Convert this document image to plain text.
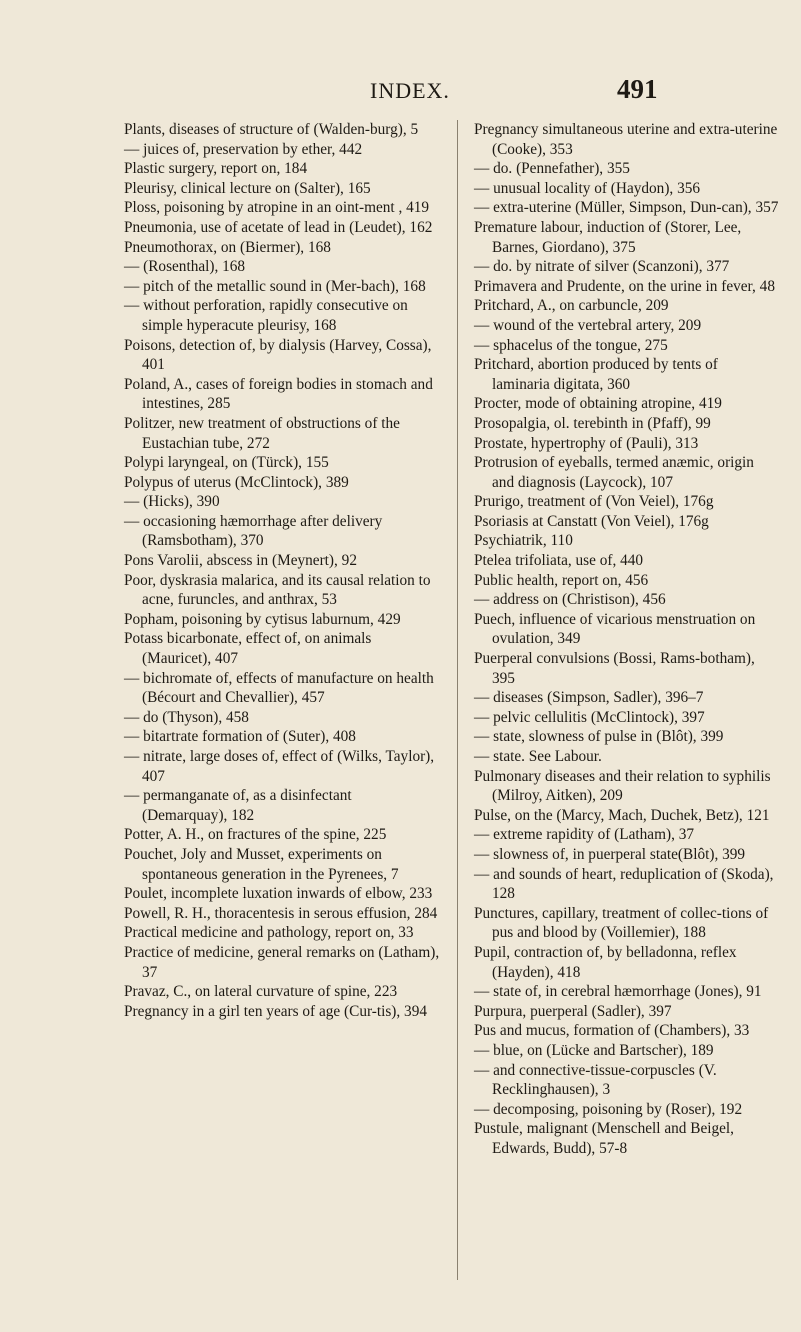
INDEX.	491
Plants, diseases of structure of (Walden-burg), 5
— juices of, preservation by ether, 442
Plastic surgery, report on, 184
Pleurisy, clinical lecture on (Salter), 165
Ploss, poisoning by atropine in an oint-ment , 419
Pneumonia, use of acetate of lead in (Leudet), 162
Pneumothorax, on (Biermer), 168
— (Rosenthal), 168
— pitch of the metallic sound in (Mer-bach), 168
— without perforation, rapidly consecutive on simple hyperacute pleurisy, 168
Poisons, detection of, by dialysis (Harvey, Cossa), 401
Poland, A., cases of foreign bodies in stomach and intestines, 285
Politzer, new treatment of obstructions of the Eustachian tube, 272
Polypi laryngeal, on (Türck), 155
Polypus of uterus (McClintock), 389
— (Hicks), 390
— occasioning hæmorrhage after delivery (Ramsbotham), 370
Pons Varolii, abscess in (Meynert), 92
Poor, dyskrasia malarica, and its causal relation to acne, furuncles, and anthrax, 53
Popham, poisoning by cytisus laburnum, 429
Potass bicarbonate, effect of, on animals (Mauricet), 407
— bichromate of, effects of manufacture on health (Bécourt and Chevallier), 457
— do (Thyson), 458
— bitartrate formation of (Suter), 408
— nitrate, large doses of, effect of (Wilks, Taylor), 407
— permanganate of, as a disinfectant (Demarquay), 182
Potter, A. H., on fractures of the spine, 225
Pouchet, Joly and Musset, experiments on spontaneous generation in the Pyrenees, 7
Poulet, incomplete luxation inwards of elbow, 233
Powell, R. H., thoracentesis in serous effusion, 284
Practical medicine and pathology, report on, 33
Practice of medicine, general remarks on (Latham), 37
Pravaz, C., on lateral curvature of spine, 223
Pregnancy in a girl ten years of age (Cur-tis), 394
Pregnancy simultaneous uterine and extra-uterine (Cooke), 353
— do. (Pennefather), 355
— unusual locality of (Haydon), 356
— extra-uterine (Müller, Simpson, Dun-can), 357
Premature labour, induction of (Storer, Lee, Barnes, Giordano), 375
— do. by nitrate of silver (Scanzoni), 377
Primavera and Prudente, on the urine in fever, 48
Pritchard, A., on carbuncle, 209
— wound of the vertebral artery, 209
— sphacelus of the tongue, 275
Pritchard, abortion produced by tents of laminaria digitata, 360
Procter, mode of obtaining atropine, 419
Prosopalgia, ol. terebinth in (Pfaff), 99
Prostate, hypertrophy of (Pauli), 313
Protrusion of eyeballs, termed anæmic, origin and diagnosis (Laycock), 107
Prurigo, treatment of (Von Veiel), 176g
Psoriasis at Canstatt (Von Veiel), 176g
Psychiatrik, 110
Ptelea trifoliata, use of, 440
Public health, report on, 456
— address on (Christison), 456
Puech, influence of vicarious menstruation on ovulation, 349
Puerperal convulsions (Bossi, Rams-botham), 395
— diseases (Simpson, Sadler), 396–7
— pelvic cellulitis (McClintock), 397
— state, slowness of pulse in (Blôt), 399
— state. See Labour.
Pulmonary diseases and their relation to syphilis (Milroy, Aitken), 209
Pulse, on the (Marcy, Mach, Duchek, Betz), 121
— extreme rapidity of (Latham), 37
— slowness of, in puerperal state(Blôt), 399
— and sounds of heart, reduplication of (Skoda), 128
Punctures, capillary, treatment of collec-tions of pus and blood by (Voillemier), 188
Pupil, contraction of, by belladonna, reflex (Hayden), 418
— state of, in cerebral hæmorrhage (Jones), 91
Purpura, puerperal (Sadler), 397
Pus and mucus, formation of (Chambers), 33
— blue, on (Lücke and Bartscher), 189
— and connective-tissue-corpuscles (V. Recklinghausen), 3
— decomposing, poisoning by (Roser), 192
Pustule, malignant (Menschell and Beigel, Edwards, Budd), 57-8
